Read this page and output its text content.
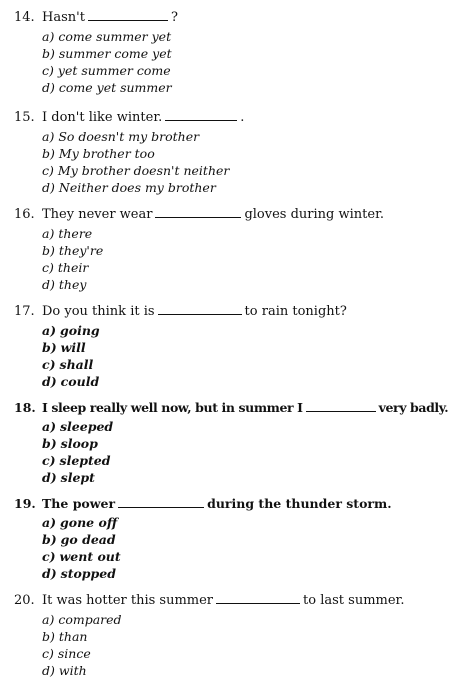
14. Hasn't	?
a) come summer yet
b) summer come yet
c) yet summer come
d) come yet summer
15. I don't like winter.	.
a) So doesn't my brother
b) My brother too
c) My brother doesn't neither
d) Neither does my brother
16. They never wear	gloves during winter.
a) there
b) they're
c) their
d) they
17. Do you think it is	to rain tonight?
a) going
b) will
c) shall
d) could
18. I sleep really well now, but in summer I	very badly.
a) sleeped
b) sloop
c) slepted
d) slept
19. The power	during the thunder storm.
a) gone off
b) go dead
c) went out
d) stopped
20. It was hotter this summer	to last summer.
a) compared
b) than
c) since
d) with
